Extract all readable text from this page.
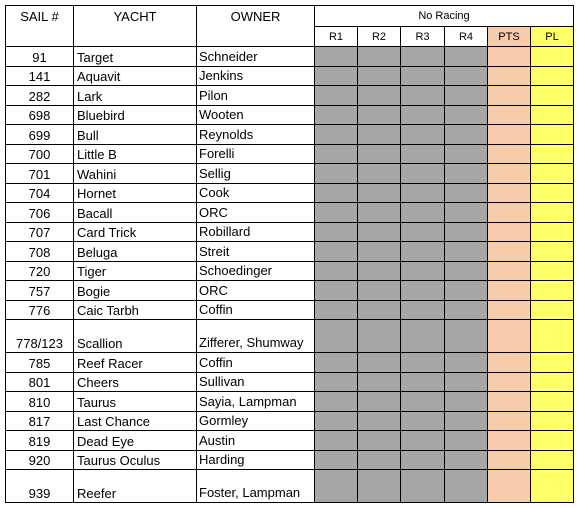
SAIL #	YACHT	OWNER	No Racing					
			R1	R2	R3	R4	PTS	PL
91	Target	Schneider						
141	Aquavit	Jenkins						
282	Lark	Pilon						
698	Bluebird	Wooten						
699	Bull	Reynolds						
700	Little B	Forelli						
701	Wahini	Sellig						
704	Hornet	Cook						
706	Bacall	ORC						
707	Card Trick	Robillard						
708	Beluga	Streit						
720	Tiger	Schoedinger						
757	Bogie	ORC						
776	Caic Tarbh	Coffin						
778/123	Scallion	Zifferer, Shumway						
785	Reef Racer	Coffin						
801	Cheers	Sullivan						
810	Taurus	Sayia, Lampman						
817	Last Chance	Gormley						
819	Dead Eye	Austin						
920	Taurus Oculus	Harding						
939	Reefer	Foster, Lampman						
